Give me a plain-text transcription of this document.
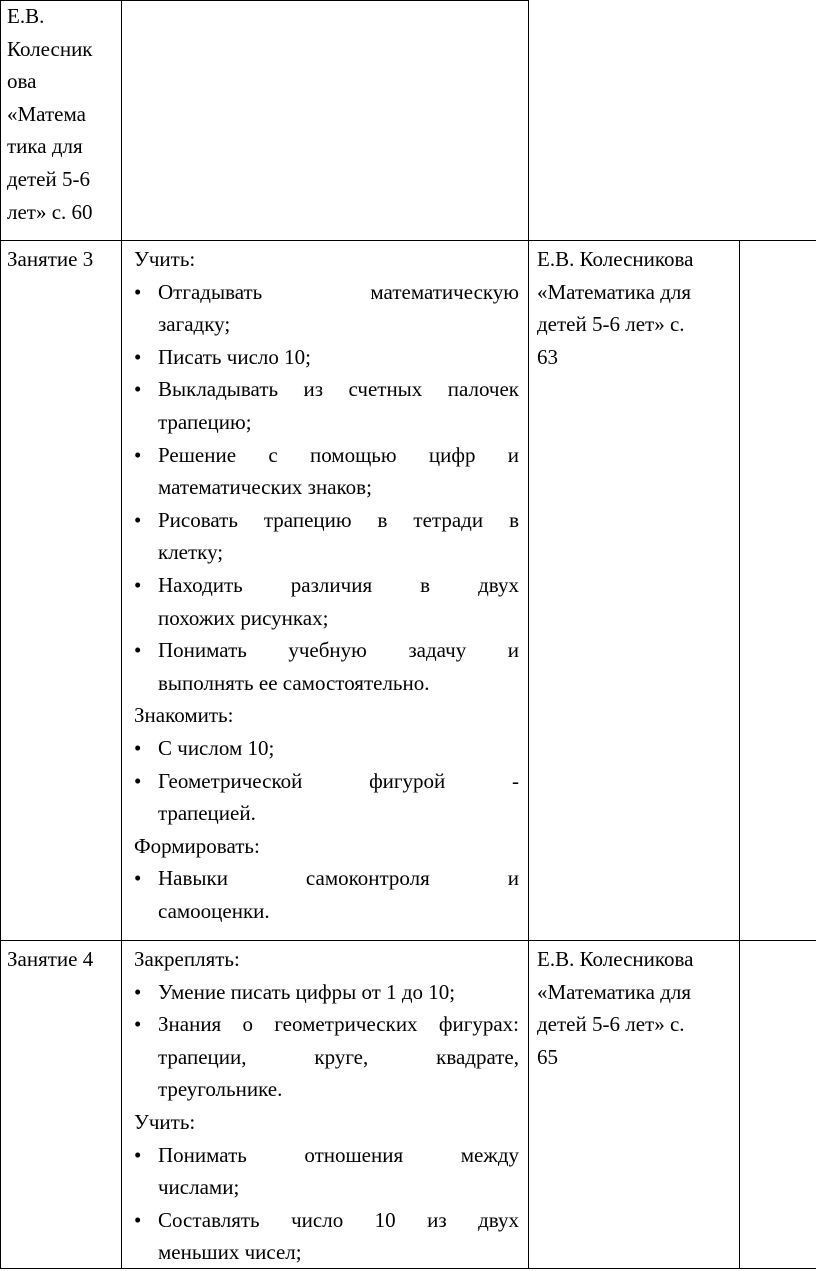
Е.В.

Колесник

ова

«Матема

тика для

детей 5-6

лет» с. 60

Занятие 3	Учить:

• Отгадывать математическую

загадку;

• Писать число 10;

• Выкладывать из счетных палочек

трапецию;

• Решение с помощью цифр и

математических знаков;

• Рисовать трапецию в тетради в

клетку;

• Находить различия в двух

похожих рисунках;

• Понимать учебную задачу и

выполнять ее самостоятельно.

Знакомить:

• С числом 10;

• Геометрической фигурой -

трапецией.

Формировать:

• Навыки самоконтроля и

самооценки.

Е.В. Колесникова

«Математика для

детей 5-6 лет» с.

63

Занятие 4	Закреплять:

• Умение писать цифры от 1 до 10;

• Знания о геометрических фигурах:

трапеции, круге, квадрате,

треугольнике.

Учить:

• Понимать отношения между

числами;

• Составлять число 10 из двух

меньших чисел;

Е.В. Колесникова

«Математика для

детей 5-6 лет» с.

65
